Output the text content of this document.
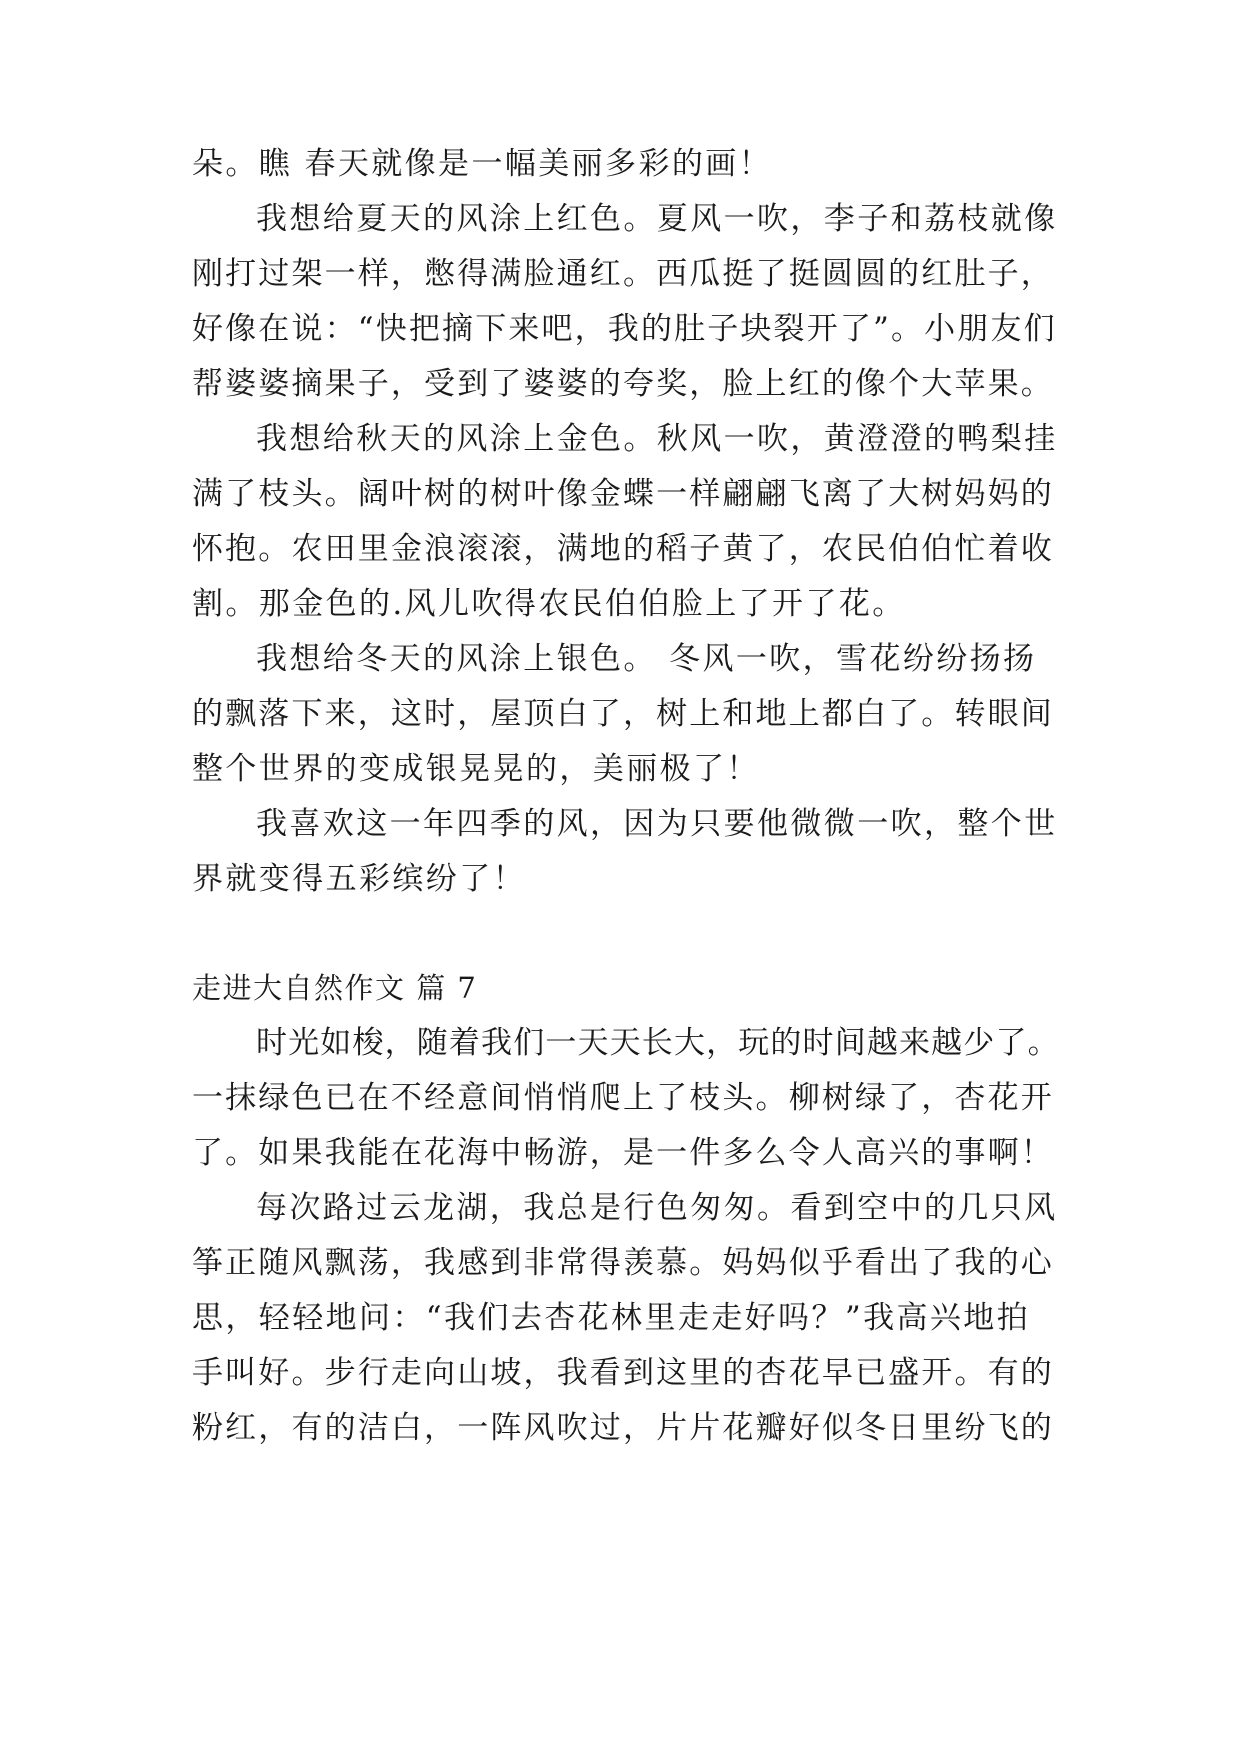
朵。瞧 春天就像是一幅美丽多彩的画！
我想给夏天的风涂上红色。夏风一吹，李子和荔枝就像
刚打过架一样，憋得满脸通红。西瓜挺了挺圆圆的红肚子，
好像在说：“快把摘下来吧，我的肚子块裂开了”。小朋友们
帮婆婆摘果子，受到了婆婆的夸奖，脸上红的像个大苹果。
我想给秋天的风涂上金色。秋风一吹，黄澄澄的鸭梨挂
满了枝头。阔叶树的树叶像金蝶一样翩翩飞离了大树妈妈的
怀抱。农田里金浪滚滚，满地的稻子黄了，农民伯伯忙着收
割。那金色的.风儿吹得农民伯伯脸上了开了花。
我想给冬天的风涂上银色。 冬风一吹，雪花纷纷扬扬
的飘落下来，这时，屋顶白了，树上和地上都白了。转眼间
整个世界的变成银晃晃的，美丽极了！
我喜欢这一年四季的风，因为只要他微微一吹，整个世
界就变得五彩缤纷了！
走进大自然作文 篇 7
时光如梭，随着我们一天天长大，玩的时间越来越少了。
一抹绿色已在不经意间悄悄爬上了枝头。柳树绿了，杏花开
了。如果我能在花海中畅游，是一件多么令人高兴的事啊！
每次路过云龙湖，我总是行色匆匆。看到空中的几只风
筝正随风飘荡，我感到非常得羡慕。妈妈似乎看出了我的心
思，轻轻地问：“我们去杏花林里走走好吗？”我高兴地拍
手叫好。步行走向山坡，我看到这里的杏花早已盛开。有的
粉红，有的洁白，一阵风吹过，片片花瓣好似冬日里纷飞的
